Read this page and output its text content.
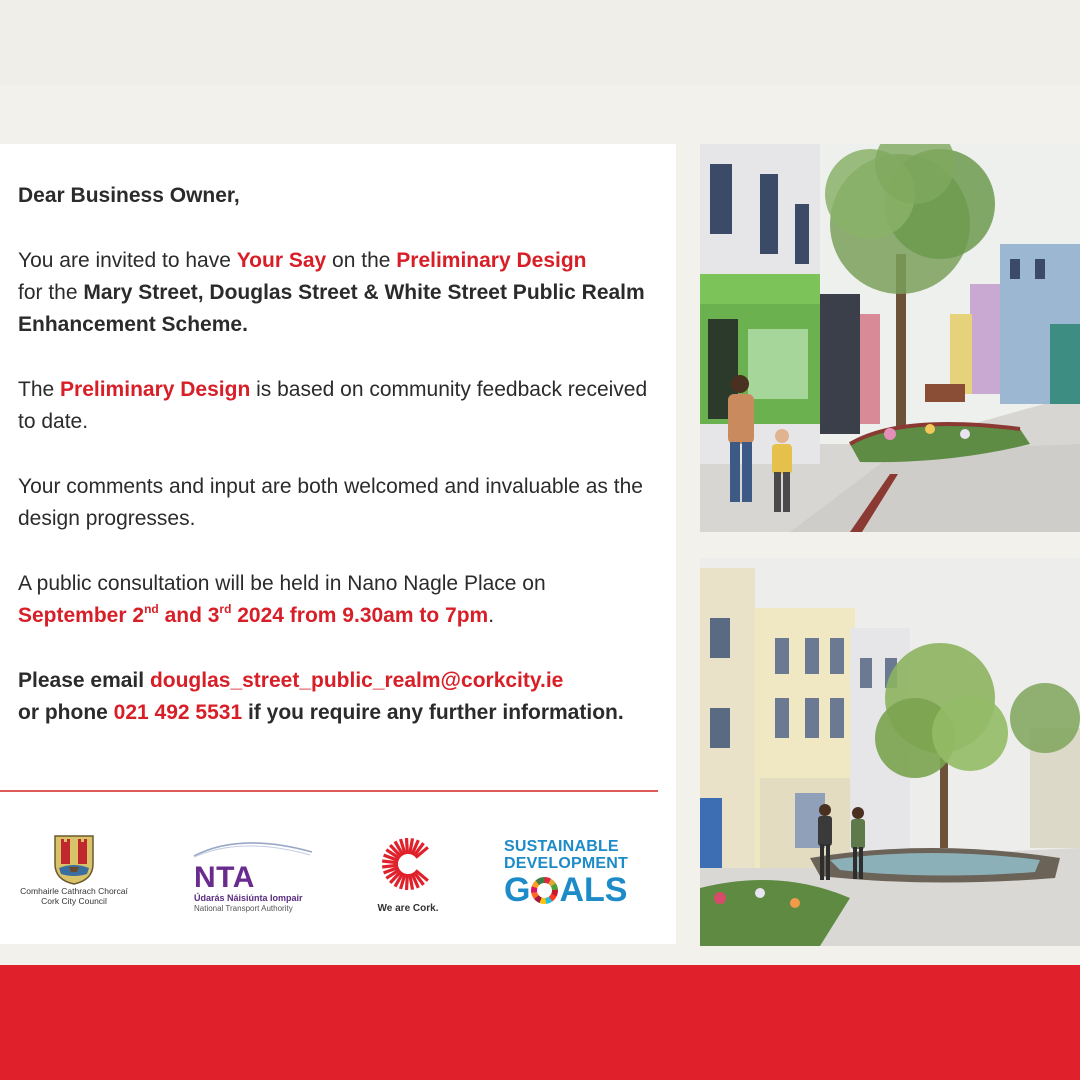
Dear Business Owner,

You are invited to have Your Say on the Preliminary Design
for the Mary Street, Douglas Street & White Street Public Realm Enhancement Scheme.

The Preliminary Design is based on community feedback received to date.

Your comments and input are both welcomed and invaluable as the design progresses.

A public consultation will be held in Nano Nagle Place on
September 2nd and 3rd 2024 from 9.30am to 7pm.

Please email douglas_street_public_realm@corkcity.ie
or phone 021 492 5531 if you require any further information.

Comhairle Cathrach Chorcaí
Cork City Council
NTA
Údarás Náisiúnta Iompair
National Transport Authority	We are Cork.
SUSTAINABLE
DEVELOPMENT
G ALS
